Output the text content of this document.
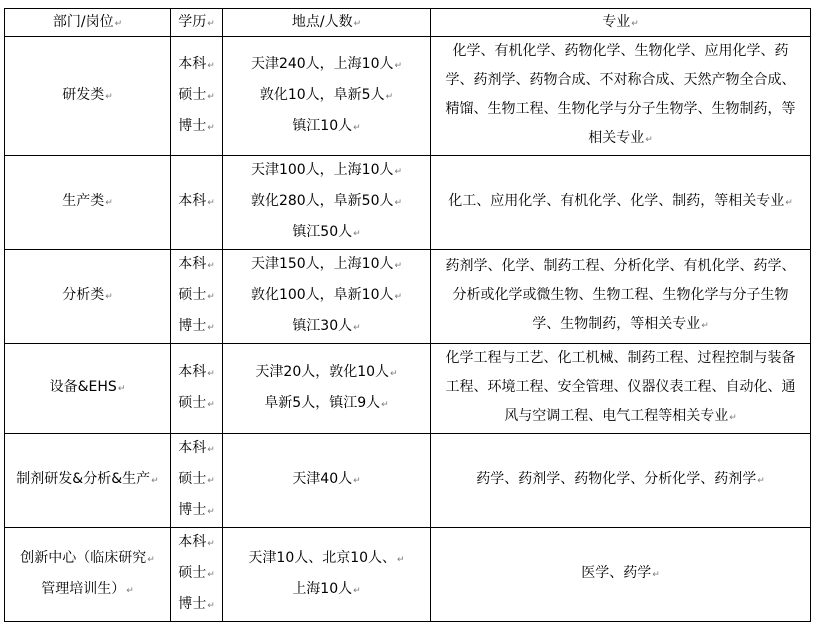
部门/岗位↵	学历↵	地点/人数↵	专业↵

研发类↵	本科↵
硕士↵
博士↵	天津240人，上海10人↵
敦化10人，阜新5人↵
镇江10人↵	化学、有机化学、药物化学、生物化学、应用化学、药
学、药剂学、药物合成、不对称合成、天然产物全合成、
精馏、生物工程、生物化学与分子生物学、生物制药，等
相关专业↵

生产类↵	本科↵	天津100人，上海10人↵
敦化280人，阜新50人↵
镇江50人↵	化工、应用化学、有机化学、化学、制药，等相关专业↵

分析类↵	本科↵
硕士↵
博士↵	天津150人，上海10人↵
敦化100人，阜新10人↵
镇江30人↵	药剂学、化学、制药工程、分析化学、有机化学、药学、
分析或化学或微生物、生物工程、生物化学与分子生物
学、生物制药，等相关专业↵

设备&EHS↵	本科↵
硕士↵	天津20人，敦化10人↵
阜新5人，镇江9人↵	化学工程与工艺、化工机械、制药工程、过程控制与装备
工程、环境工程、安全管理、仪器仪表工程、自动化、通
风与空调工程、电气工程等相关专业↵

制剂研发&分析&生产↵	本科↵
硕士↵
博士↵	天津40人↵	药学、药剂学、药物化学、分析化学、药剂学↵

创新中心（临床研究↵
管理培训生）↵	本科↵
硕士↵
博士↵	天津10人、北京10人、↵
上海10人↵	医学、药学↵
